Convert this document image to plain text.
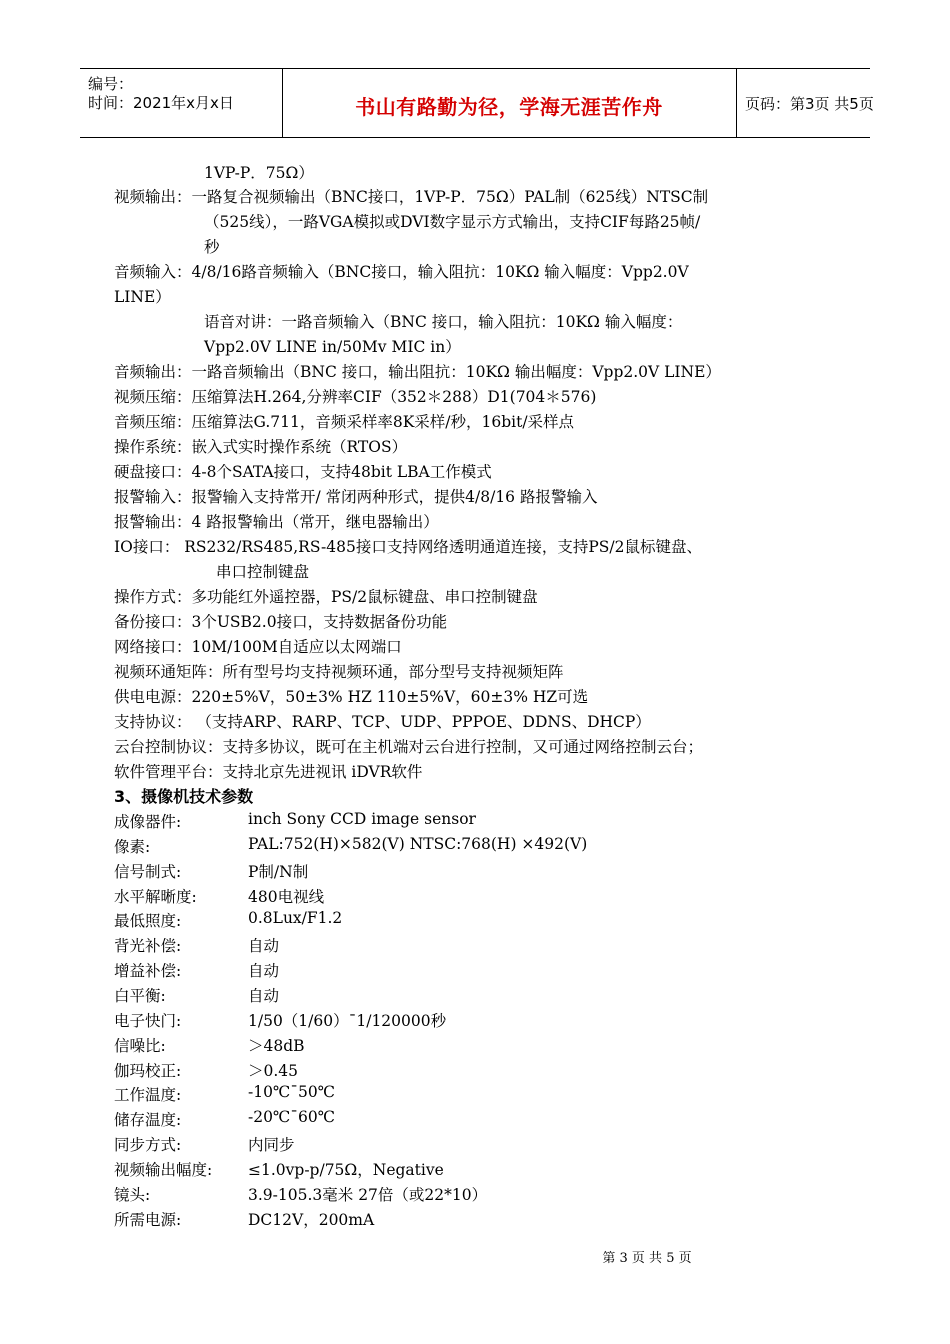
编号：
时间：2021年x月x日	书山有路勤为径，学海无涯苦作舟	页码：第3页 共5页
1VP-P．75Ω）
视频输出：一路复合视频输出（BNC接口，1VP-P．75Ω）PAL制（625线）NTSC制
（525线），一路VGA模拟或DVI数字显示方式输出，支持CIF每路25帧/
秒
音频输入：4/8/16路音频输入（BNC接口，输入阻抗：10KΩ 输入幅度：Vpp2.0V
LINE）
语音对讲：一路音频输入（BNC 接口，输入阻抗：10KΩ 输入幅度：
Vpp2.0V LINE in/50Mv MIC in）
音频输出：一路音频输出（BNC 接口，输出阻抗：10KΩ 输出幅度：Vpp2.0V LINE）
视频压缩：压缩算法H.264,分辨率CIF（352＊288）D1(704＊576)
音频压缩：压缩算法G.711，音频采样率8K采样/秒，16bit/采样点
操作系统：嵌入式实时操作系统（RTOS）
硬盘接口：4-8个SATA接口，支持48bit LBA工作模式
报警输入：报警输入支持常开/ 常闭两种形式，提供4/8/16 路报警输入
报警输出：4 路报警输出（常开，继电器输出）
IO接口： RS232/RS485,RS-485接口支持网络透明通道连接，支持PS/2鼠标键盘、
串口控制键盘
操作方式：多功能红外遥控器，PS/2鼠标键盘、串口控制键盘
备份接口：3个USB2.0接口，支持数据备份功能
网络接口：10M/100M自适应以太网端口
视频环通矩阵：所有型号均支持视频环通，部分型号支持视频矩阵
供电电源：220±5%V，50±3% HZ 110±5%V，60±3% HZ可选
支持协议： （支持ARP、RARP、TCP、UDP、PPPOE、DDNS、DHCP）
云台控制协议：支持多协议，既可在主机端对云台进行控制，又可通过网络控制云台；
软件管理平台：支持北京先进视讯 iDVR软件
3、摄像机技术参数
成像器件:	inch Sony CCD image sensor
像素:	PAL:752(H)×582(V) NTSC:768(H) ×492(V)
信号制式:	P制/N制
水平解晰度:	480电视线
最低照度:	0.8Lux/F1.2
背光补偿:	自动
增益补偿:	自动
白平衡:	自动
电子快门:	1/50（1/60）¯1/120000秒
信噪比:	＞48dB
伽玛校正:	＞0.45
工作温度:	-10℃¯50℃
储存温度:	-20℃¯60℃
同步方式:	内同步
视频输出幅度: ≤1.0vp-p/75Ω，Negative
镜头:	3.9-105.3毫米 27倍（或22*10）
所需电源:	DC12V，200mA
第 3 页 共 5 页
